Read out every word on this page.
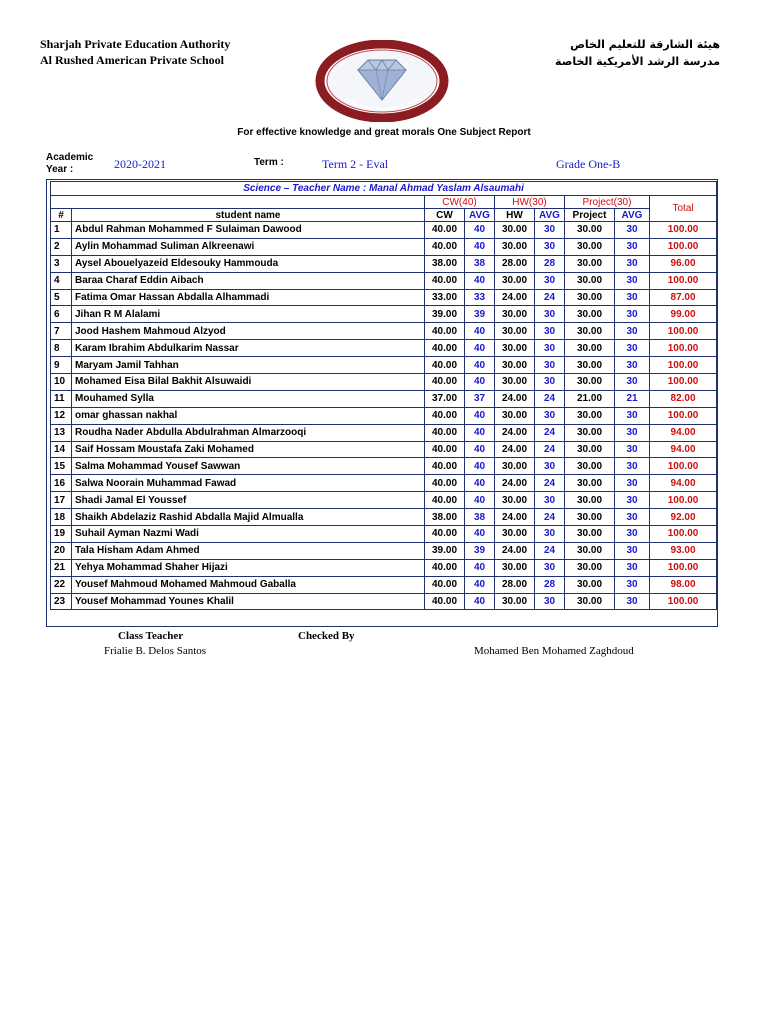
Sharjah Private Education Authority
Al Rushed American Private School
هيئة الشارقة للتعليم الخاص
مدرسة الرشد الأمريكية الخاصة
Al Rushed American School
For effective knowledge and great morals One Subject Report
Academic Year :	2020-2021	Term :	Term 2 - Eval	Grade One-B
Science – Teacher Name : Manal Ahmad Yaslam Alsaumahi								
		CW(40)		HW(30)		Project(30)		Total
#	student name	CW	AVG	HW	AVG	Project	AVG	
1	Abdul Rahman Mohammed F Sulaiman Dawood	40.00	40	30.00	30	30.00	30	100.00
2	Aylin Mohammad Suliman Alkreenawi	40.00	40	30.00	30	30.00	30	100.00
3	Aysel Abouelyazeid Eldesouky Hammouda	38.00	38	28.00	28	30.00	30	96.00
4	Baraa Charaf Eddin Aibach	40.00	40	30.00	30	30.00	30	100.00
5	Fatima Omar Hassan Abdalla Alhammadi	33.00	33	24.00	24	30.00	30	87.00
6	Jihan R M Alalami	39.00	39	30.00	30	30.00	30	99.00
7	Jood Hashem Mahmoud Alzyod	40.00	40	30.00	30	30.00	30	100.00
8	Karam Ibrahim Abdulkarim Nassar	40.00	40	30.00	30	30.00	30	100.00
9	Maryam Jamil Tahhan	40.00	40	30.00	30	30.00	30	100.00
10	Mohamed Eisa Bilal Bakhit Alsuwaidi	40.00	40	30.00	30	30.00	30	100.00
11	Mouhamed Sylla	37.00	37	24.00	24	21.00	21	82.00
12	omar ghassan nakhal	40.00	40	30.00	30	30.00	30	100.00
13	Roudha Nader Abdulla Abdulrahman Almarzooqi	40.00	40	24.00	24	30.00	30	94.00
14	Saif Hossam Moustafa Zaki Mohamed	40.00	40	24.00	24	30.00	30	94.00
15	Salma Mohammad Yousef Sawwan	40.00	40	30.00	30	30.00	30	100.00
16	Salwa Noorain Muhammad Fawad	40.00	40	24.00	24	30.00	30	94.00
17	Shadi Jamal El Youssef	40.00	40	30.00	30	30.00	30	100.00
18	Shaikh Abdelaziz Rashid Abdalla Majid Almualla	38.00	38	24.00	24	30.00	30	92.00
19	Suhail Ayman Nazmi Wadi	40.00	40	30.00	30	30.00	30	100.00
20	Tala Hisham Adam Ahmed	39.00	39	24.00	24	30.00	30	93.00
21	Yehya Mohammad Shaher Hijazi	40.00	40	30.00	30	30.00	30	100.00
22	Yousef Mahmoud Mohamed Mahmoud Gaballa	40.00	40	28.00	28	30.00	30	98.00
23	Yousef Mohammad Younes Khalil	40.00	40	30.00	30	30.00	30	100.00
Class Teacher	Checked By
Frialie B. Delos Santos	Mohamed Ben Mohamed Zaghdoud
